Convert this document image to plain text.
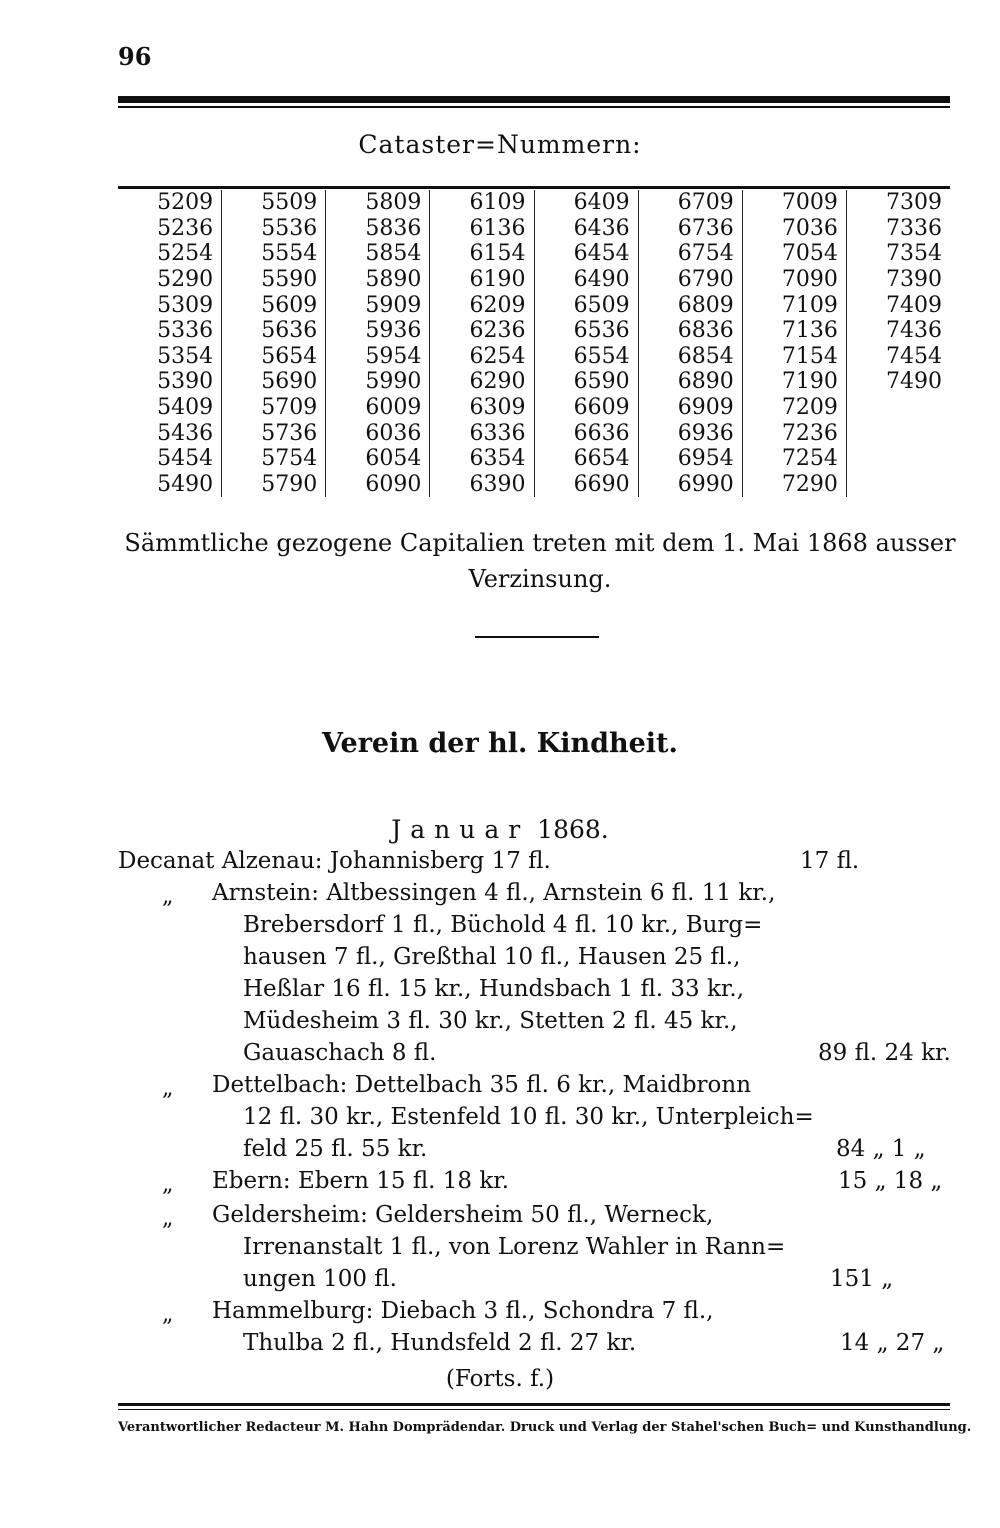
96
Cataster=Nummern:
5209	5509	5809	6109	6409	6709	7009	7309
5236	5536	5836	6136	6436	6736	7036	7336
5254	5554	5854	6154	6454	6754	7054	7354
5290	5590	5890	6190	6490	6790	7090	7390
5309	5609	5909	6209	6509	6809	7109	7409
5336	5636	5936	6236	6536	6836	7136	7436
5354	5654	5954	6254	6554	6854	7154	7454
5390	5690	5990	6290	6590	6890	7190	7490
5409	5709	6009	6309	6609	6909	7209	
5436	5736	6036	6336	6636	6936	7236	
5454	5754	6054	6354	6654	6954	7254	
5490	5790	6090	6390	6690	6990	7290	
Sämmtliche gezogene Capitalien treten mit dem 1. Mai 1868 ausser
Verzinsung.
Verein der hl. Kindheit.
Januar 1868.
Decanat Alzenau: Johannisberg 17 fl.	17 fl.
„ Arnstein: Altbessingen 4 fl., Arnstein 6 fl. 11 kr.,
Brebersdorf 1 fl., Büchold 4 fl. 10 kr., Burg=
hausen 7 fl., Greßthal 10 fl., Hausen 25 fl.,
Heßlar 16 fl. 15 kr., Hundsbach 1 fl. 33 kr.,
Müdesheim 3 fl. 30 kr., Stetten 2 fl. 45 kr.,
Gauaschach 8 fl.	89 fl. 24 kr.
„ Dettelbach: Dettelbach 35 fl. 6 kr., Maidbronn
12 fl. 30 kr., Estenfeld 10 fl. 30 kr., Unterpleich=
feld 25 fl. 55 kr.	84 „ 1 „
„ Ebern: Ebern 15 fl. 18 kr.	15 „ 18 „
„ Geldersheim: Geldersheim 50 fl., Werneck,
Irrenanstalt 1 fl., von Lorenz Wahler in Rann=
ungen 100 fl.	151 „
„ Hammelburg: Diebach 3 fl., Schondra 7 fl.,
Thulba 2 fl., Hundsfeld 2 fl. 27 kr.	14 „ 27 „
(Forts. f.)
Verantwortlicher Redacteur M. Hahn Domprädendar. Druck und Verlag der Stahel'schen Buch= und Kunsthandlung.
